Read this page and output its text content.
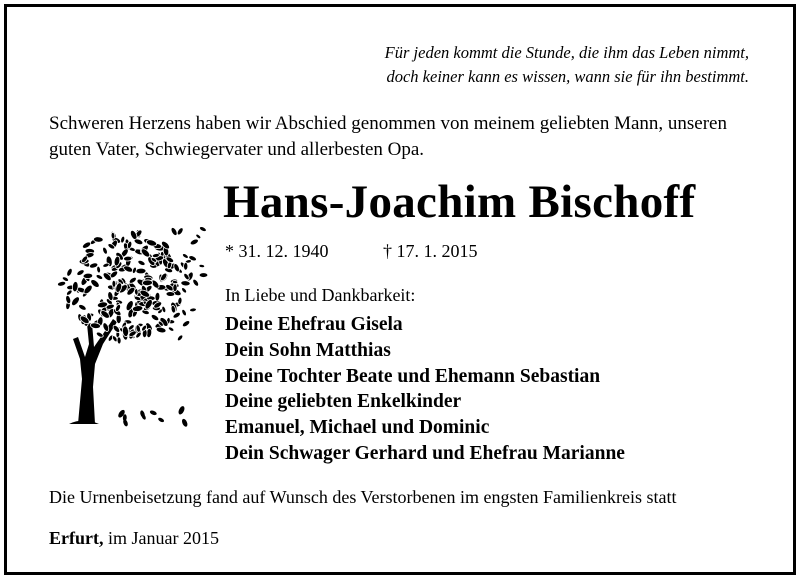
Für jeden kommt die Stunde, die ihm das Leben nimmt,
doch keiner kann es wissen, wann sie für ihn bestimmt.
Schweren Herzens haben wir Abschied genommen von meinem geliebten Mann, unseren guten Vater, Schwiegervater und allerbesten Opa.
Hans-Joachim Bischoff
* 31. 12. 1940	† 17. 1. 2015
In Liebe und Dankbarkeit:
Deine Ehefrau Gisela
Dein Sohn Matthias
Deine Tochter Beate und Ehemann Sebastian
Deine geliebten Enkelkinder
Emanuel, Michael und Dominic
Dein Schwager Gerhard und Ehefrau Marianne
Die Urnenbeisetzung fand auf Wunsch des Verstorbenen im engsten Familienkreis statt
Erfurt, im Januar 2015
